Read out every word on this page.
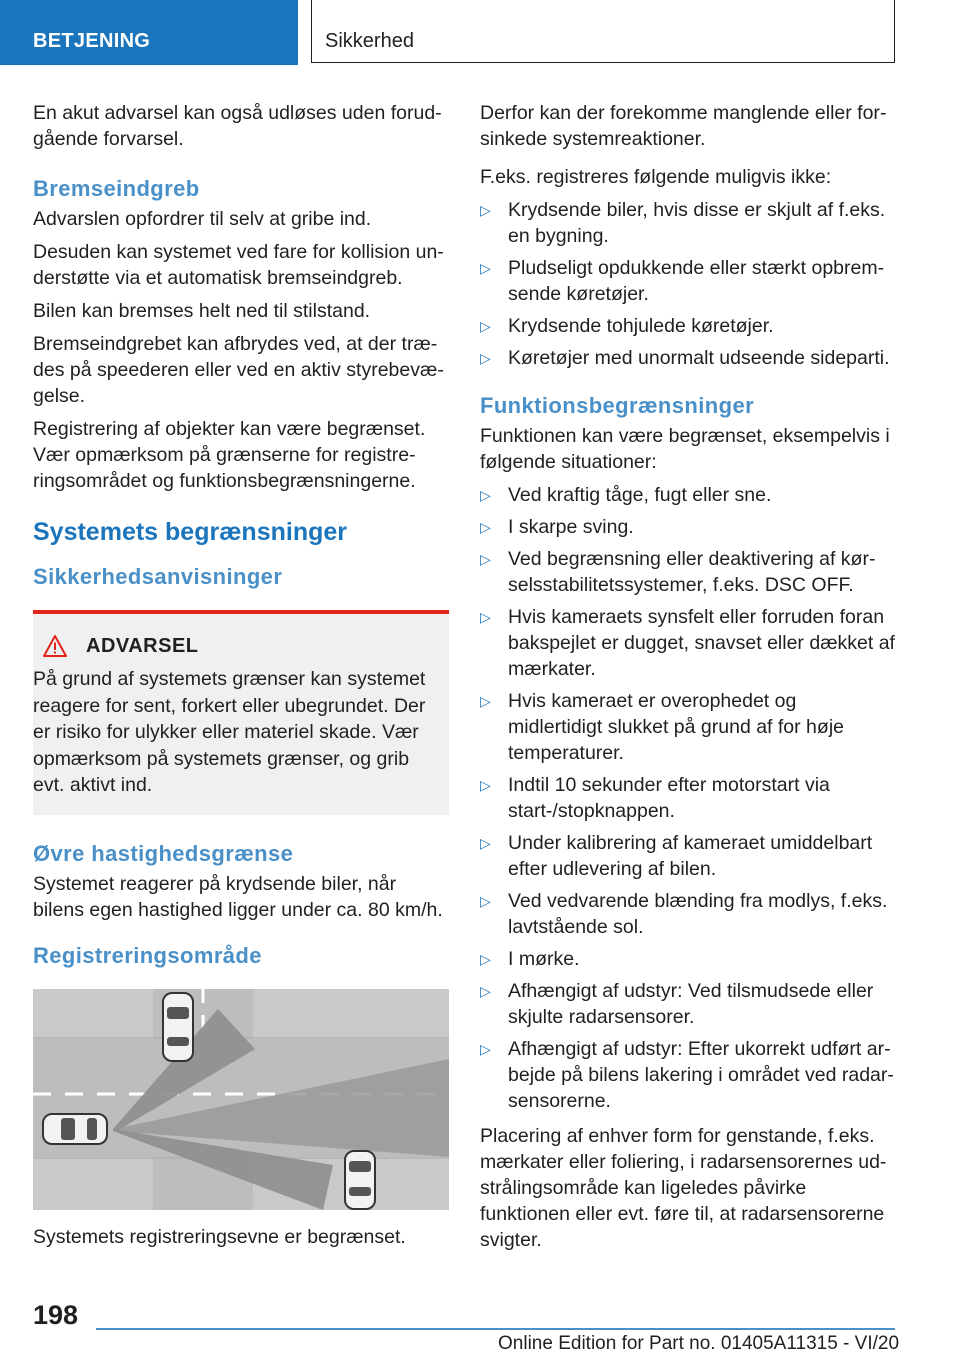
BETJENING	Sikkerhed

En akut advarsel kan også udløses uden forudgående forvarsel.

Bremseindgreb

Advarslen opfordrer til selv at gribe ind.

Desuden kan systemet ved fare for kollision understøtte via et automatisk bremseindgreb.

Bilen kan bremses helt ned til stilstand.

Bremseindgrebet kan afbrydes ved, at der trædes på speederen eller ved en aktiv styrebevægelse.

Registrering af objekter kan være begrænset. Vær opmærksom på grænserne for registreringsområdet og funktionsbegrænsningerne.

Systemets begrænsninger
Sikkerhedsanvisninger
ADVARSEL

På grund af systemets grænser kan systemet reagere for sent, forkert eller ubegrundet. Der er risiko for ulykker eller materiel skade. Vær opmærksom på systemets grænser, og grib evt. aktivt ind.

Øvre hastighedsgrænse

Systemet reagerer på krydsende biler, når bilens egen hastighed ligger under ca. 80 km/h.

Registreringsområde

Systemets registreringsevne er begrænset.

Derfor kan der forekomme manglende eller forsinkede systemreaktioner.

F.eks. registreres følgende muligvis ikke:

▷ Krydsende biler, hvis disse er skjult af f.eks. en bygning.
▷ Pludseligt opdukkende eller stærkt opbremsende køretøjer.
▷ Krydsende tohjulede køretøjer.
▷ Køretøjer med unormalt udseende sideparti.
Funktionsbegrænsninger

Funktionen kan være begrænset, eksempelvis i følgende situationer:

▷ Ved kraftig tåge, fugt eller sne.
▷ I skarpe sving.
▷ Ved begrænsning eller deaktivering af kørselsstabilitetssystemer, f.eks. DSC OFF.
▷ Hvis kameraets synsfelt eller forruden foran bakspejlet er dugget, snavset eller dækket af mærkater.
▷ Hvis kameraet er overophedet og midlertidigt slukket på grund af for høje temperaturer.
▷ Indtil 10 sekunder efter motorstart via start-/stopknappen.
▷ Under kalibrering af kameraet umiddelbart efter udlevering af bilen.
▷ Ved vedvarende blænding fra modlys, f.eks. lavtstående sol.
▷ I mørke.
▷ Afhængigt af udstyr: Ved tilsmudsede eller skjulte radarsensorer.
▷ Afhængigt af udstyr: Efter ukorrekt udført arbejde på bilens lakering i området ved radarsensorerne.

Placering af enhver form for genstande, f.eks. mærkater eller foliering, i radarsensorernes udstrålingsområde kan ligeledes påvirke funktionen eller evt. føre til, at radarsensorerne svigter.

198
Online Edition for Part no. 01405A11315 - VI/20
